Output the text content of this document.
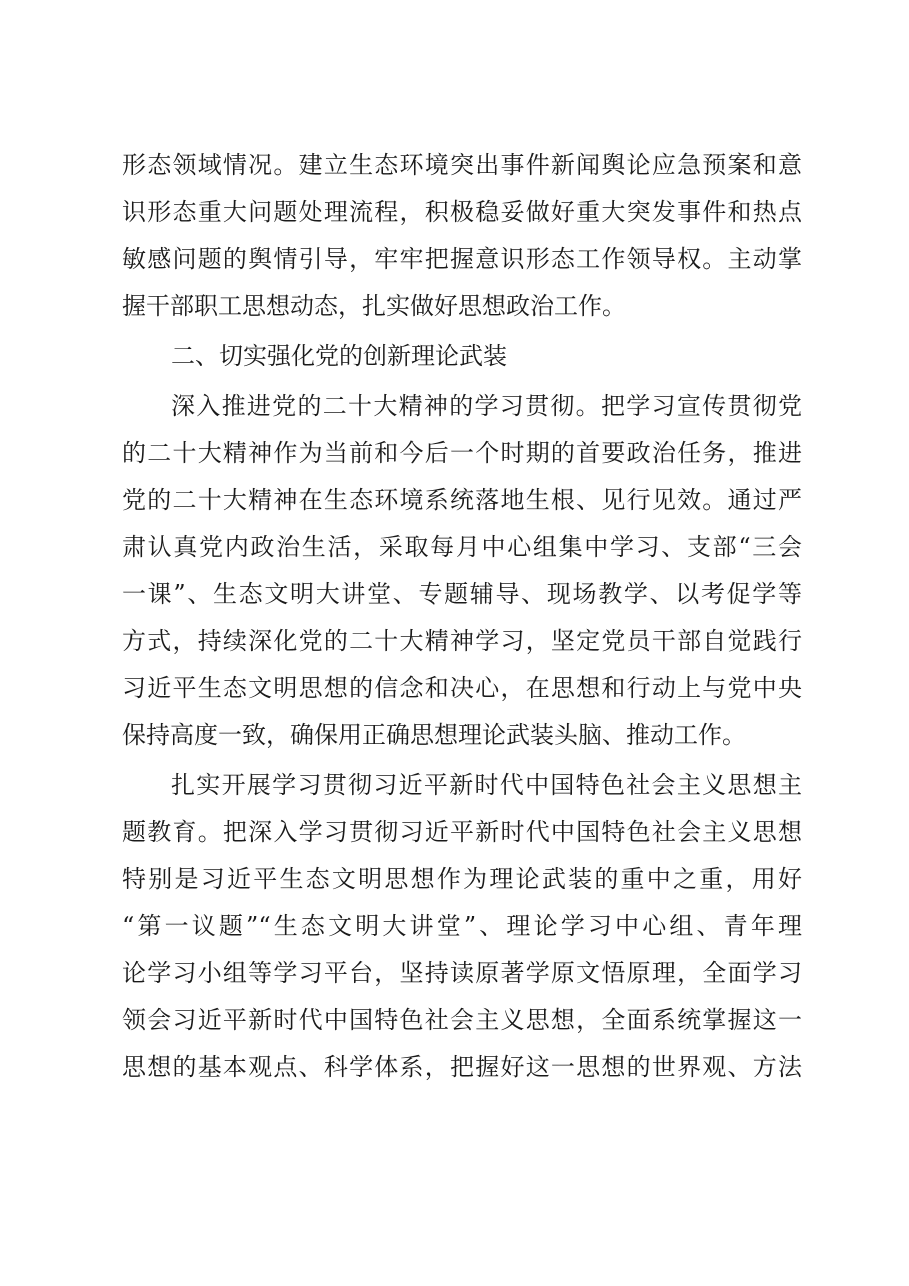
形态领域情况。建立生态环境突出事件新闻舆论应急预案和意
识形态重大问题处理流程，积极稳妥做好重大突发事件和热点
敏感问题的舆情引导，牢牢把握意识形态工作领导权。主动掌
握干部职工思想动态，扎实做好思想政治工作。
二、切实强化党的创新理论武装
深入推进党的二十大精神的学习贯彻。把学习宣传贯彻党
的二十大精神作为当前和今后一个时期的首要政治任务，推进
党的二十大精神在生态环境系统落地生根、见行见效。通过严
肃认真党内政治生活，采取每月中心组集中学习、支部“三会
一课”、生态文明大讲堂、专题辅导、现场教学、以考促学等
方式，持续深化党的二十大精神学习，坚定党员干部自觉践行
习近平生态文明思想的信念和决心，在思想和行动上与党中央
保持高度一致，确保用正确思想理论武装头脑、推动工作。
扎实开展学习贯彻习近平新时代中国特色社会主义思想主
题教育。把深入学习贯彻习近平新时代中国特色社会主义思想
特别是习近平生态文明思想作为理论武装的重中之重，用好
“第一议题”“生态文明大讲堂”、理论学习中心组、青年理
论学习小组等学习平台，坚持读原著学原文悟原理，全面学习
领会习近平新时代中国特色社会主义思想，全面系统掌握这一
思想的基本观点、科学体系，把握好这一思想的世界观、方法
